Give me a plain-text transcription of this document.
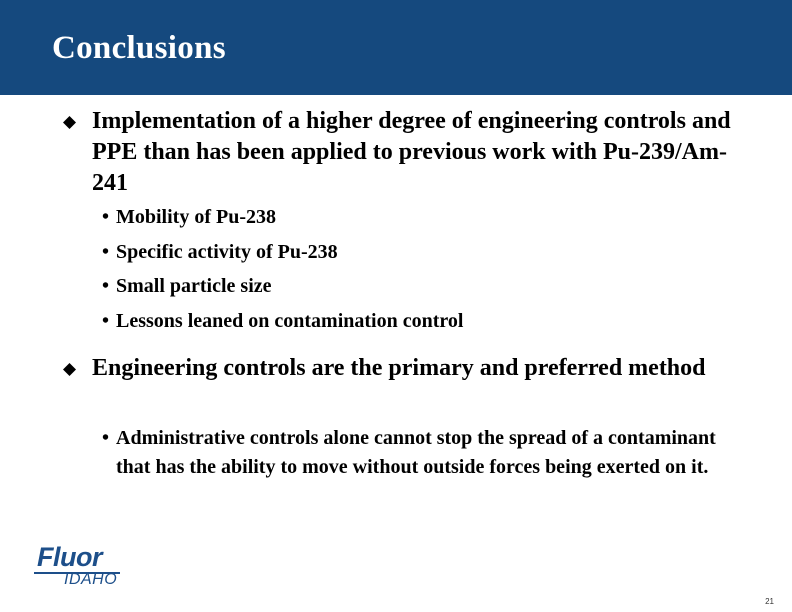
Conclusions
Implementation of a higher degree of engineering controls and PPE than has been applied to previous work with Pu-239/Am-241
• Mobility of Pu-238
• Specific activity of Pu-238
• Small particle size
• Lessons leaned on contamination control
Engineering controls are the primary and preferred method
• Administrative controls alone cannot stop the spread of a contaminant that has the ability to move without outside forces being exerted on it.
Fluor
IDAHO
21
